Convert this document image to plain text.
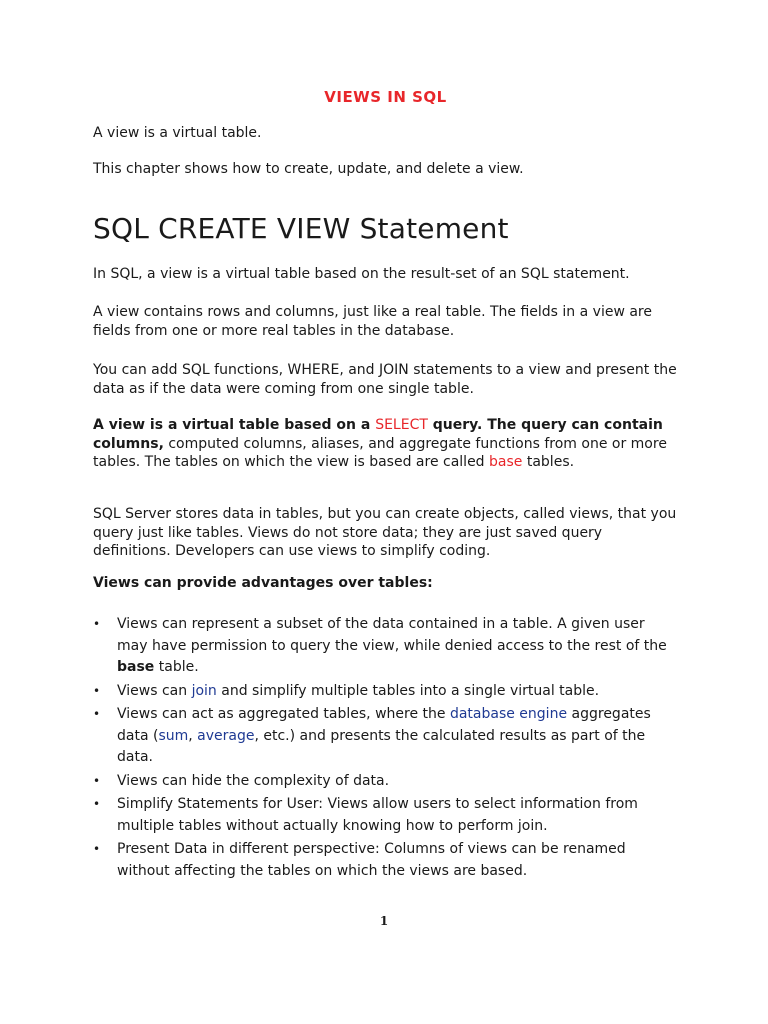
VIEWS IN SQL

A view is a virtual table.

This chapter shows how to create, update, and delete a view.

SQL CREATE VIEW Statement

In SQL, a view is a virtual table based on the result-set of an SQL statement.

A view contains rows and columns, just like a real table. The fields in a view are fields from one or more real tables in the database.

You can add SQL functions, WHERE, and JOIN statements to a view and present the data as if the data were coming from one single table.

A view is a virtual table based on a SELECT query. The query can contain columns, computed columns, aliases, and aggregate functions from one or more tables. The tables on which the view is based are called base tables.

SQL Server stores data in tables, but you can create objects, called views, that you query just like tables. Views do not store data; they are just saved query definitions. Developers can use views to simplify coding.

Views can provide advantages over tables:

• Views can represent a subset of the data contained in a table. A given user may have permission to query the view, while denied access to the rest of the base table.
• Views can join and simplify multiple tables into a single virtual table.
• Views can act as aggregated tables, where the database engine aggregates data (sum, average, etc.) and presents the calculated results as part of the data.
• Views can hide the complexity of data.
• Simplify Statements for User: Views allow users to select information from multiple tables without actually knowing how to perform join.
• Present Data in different perspective: Columns of views can be renamed without affecting the tables on which the views are based.
1
